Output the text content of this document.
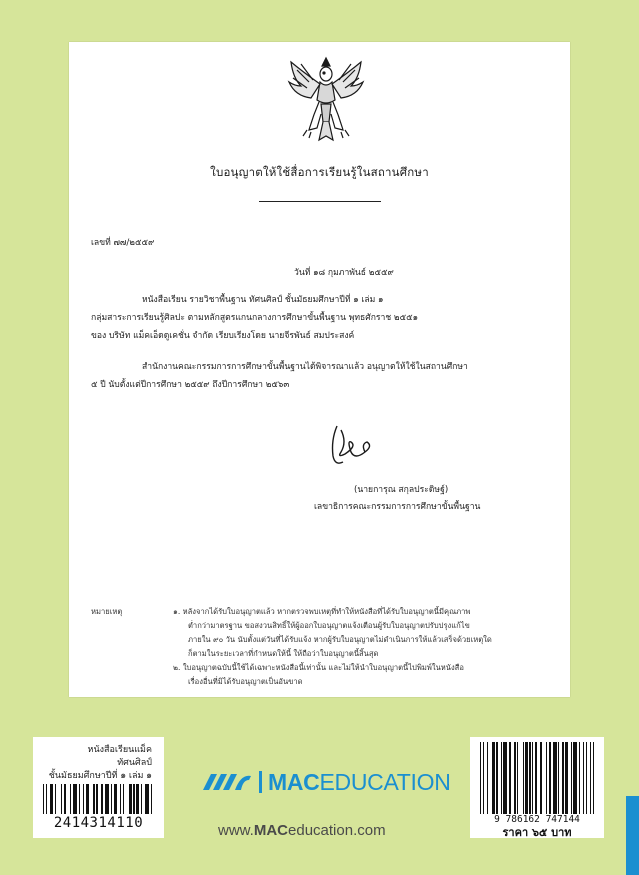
ใบอนุญาตให้ใช้สื่อการเรียนรู้ในสถานศึกษา
เลขที่ ๗๗/๒๕๕๙
วันที่ ๑๘ กุมภาพันธ์ ๒๕๕๙
หนังสือเรียน รายวิชาพื้นฐาน ทัศนศิลป์ ชั้นมัธยมศึกษาปีที่ ๑ เล่ม ๑
กลุ่มสาระการเรียนรู้ศิลปะ ตามหลักสูตรแกนกลางการศึกษาขั้นพื้นฐาน พุทธศักราช ๒๕๕๑
ของ บริษัท แม็คเอ็ดดูเคชั่น จำกัด เรียบเรียงโดย นายจีรพันธ์ สมประสงค์
สำนักงานคณะกรรมการการศึกษาขั้นพื้นฐานได้พิจารณาแล้ว อนุญาตให้ใช้ในสถานศึกษา
๕ ปี นับตั้งแต่ปีการศึกษา ๒๕๕๙ ถึงปีการศึกษา ๒๕๖๓
(นายการุณ สกุลประดิษฐ์)
เลขาธิการคณะกรรมการการศึกษาขั้นพื้นฐาน
หมายเหตุ	๑. หลังจากได้รับใบอนุญาตแล้ว หากตรวจพบเหตุที่ทำให้หนังสือที่ได้รับใบอนุญาตนี้มีคุณภาพ
ต่ำกว่ามาตรฐาน ขอสงวนสิทธิ์ให้ผู้ออกใบอนุญาตแจ้งเตือนผู้รับใบอนุญาตปรับปรุงแก้ไข
ภายใน ๙๐ วัน นับตั้งแต่วันที่ได้รับแจ้ง หากผู้รับใบอนุญาตไม่ดำเนินการให้แล้วเสร็จด้วยเหตุใด
ก็ตามในระยะเวลาที่กำหนดให้นี้ ให้ถือว่าใบอนุญาตนี้สิ้นสุด
๒. ใบอนุญาตฉบับนี้ใช้ได้เฉพาะหนังสือนี้เท่านั้น และไม่ให้นำใบอนุญาตนี้ไปพิมพ์ในหนังสือ
เรื่องอื่นที่มิได้รับอนุญาตเป็นอันขาด
หนังสือเรียนแม็ค
ทัศนศิลป์
ชั้นมัธยมศึกษาปีที่ ๑ เล่ม ๑
2414314110
MACEDUCATION
www.MACeducation.com
9 786162 747144
ราคา ๖๕ บาท
